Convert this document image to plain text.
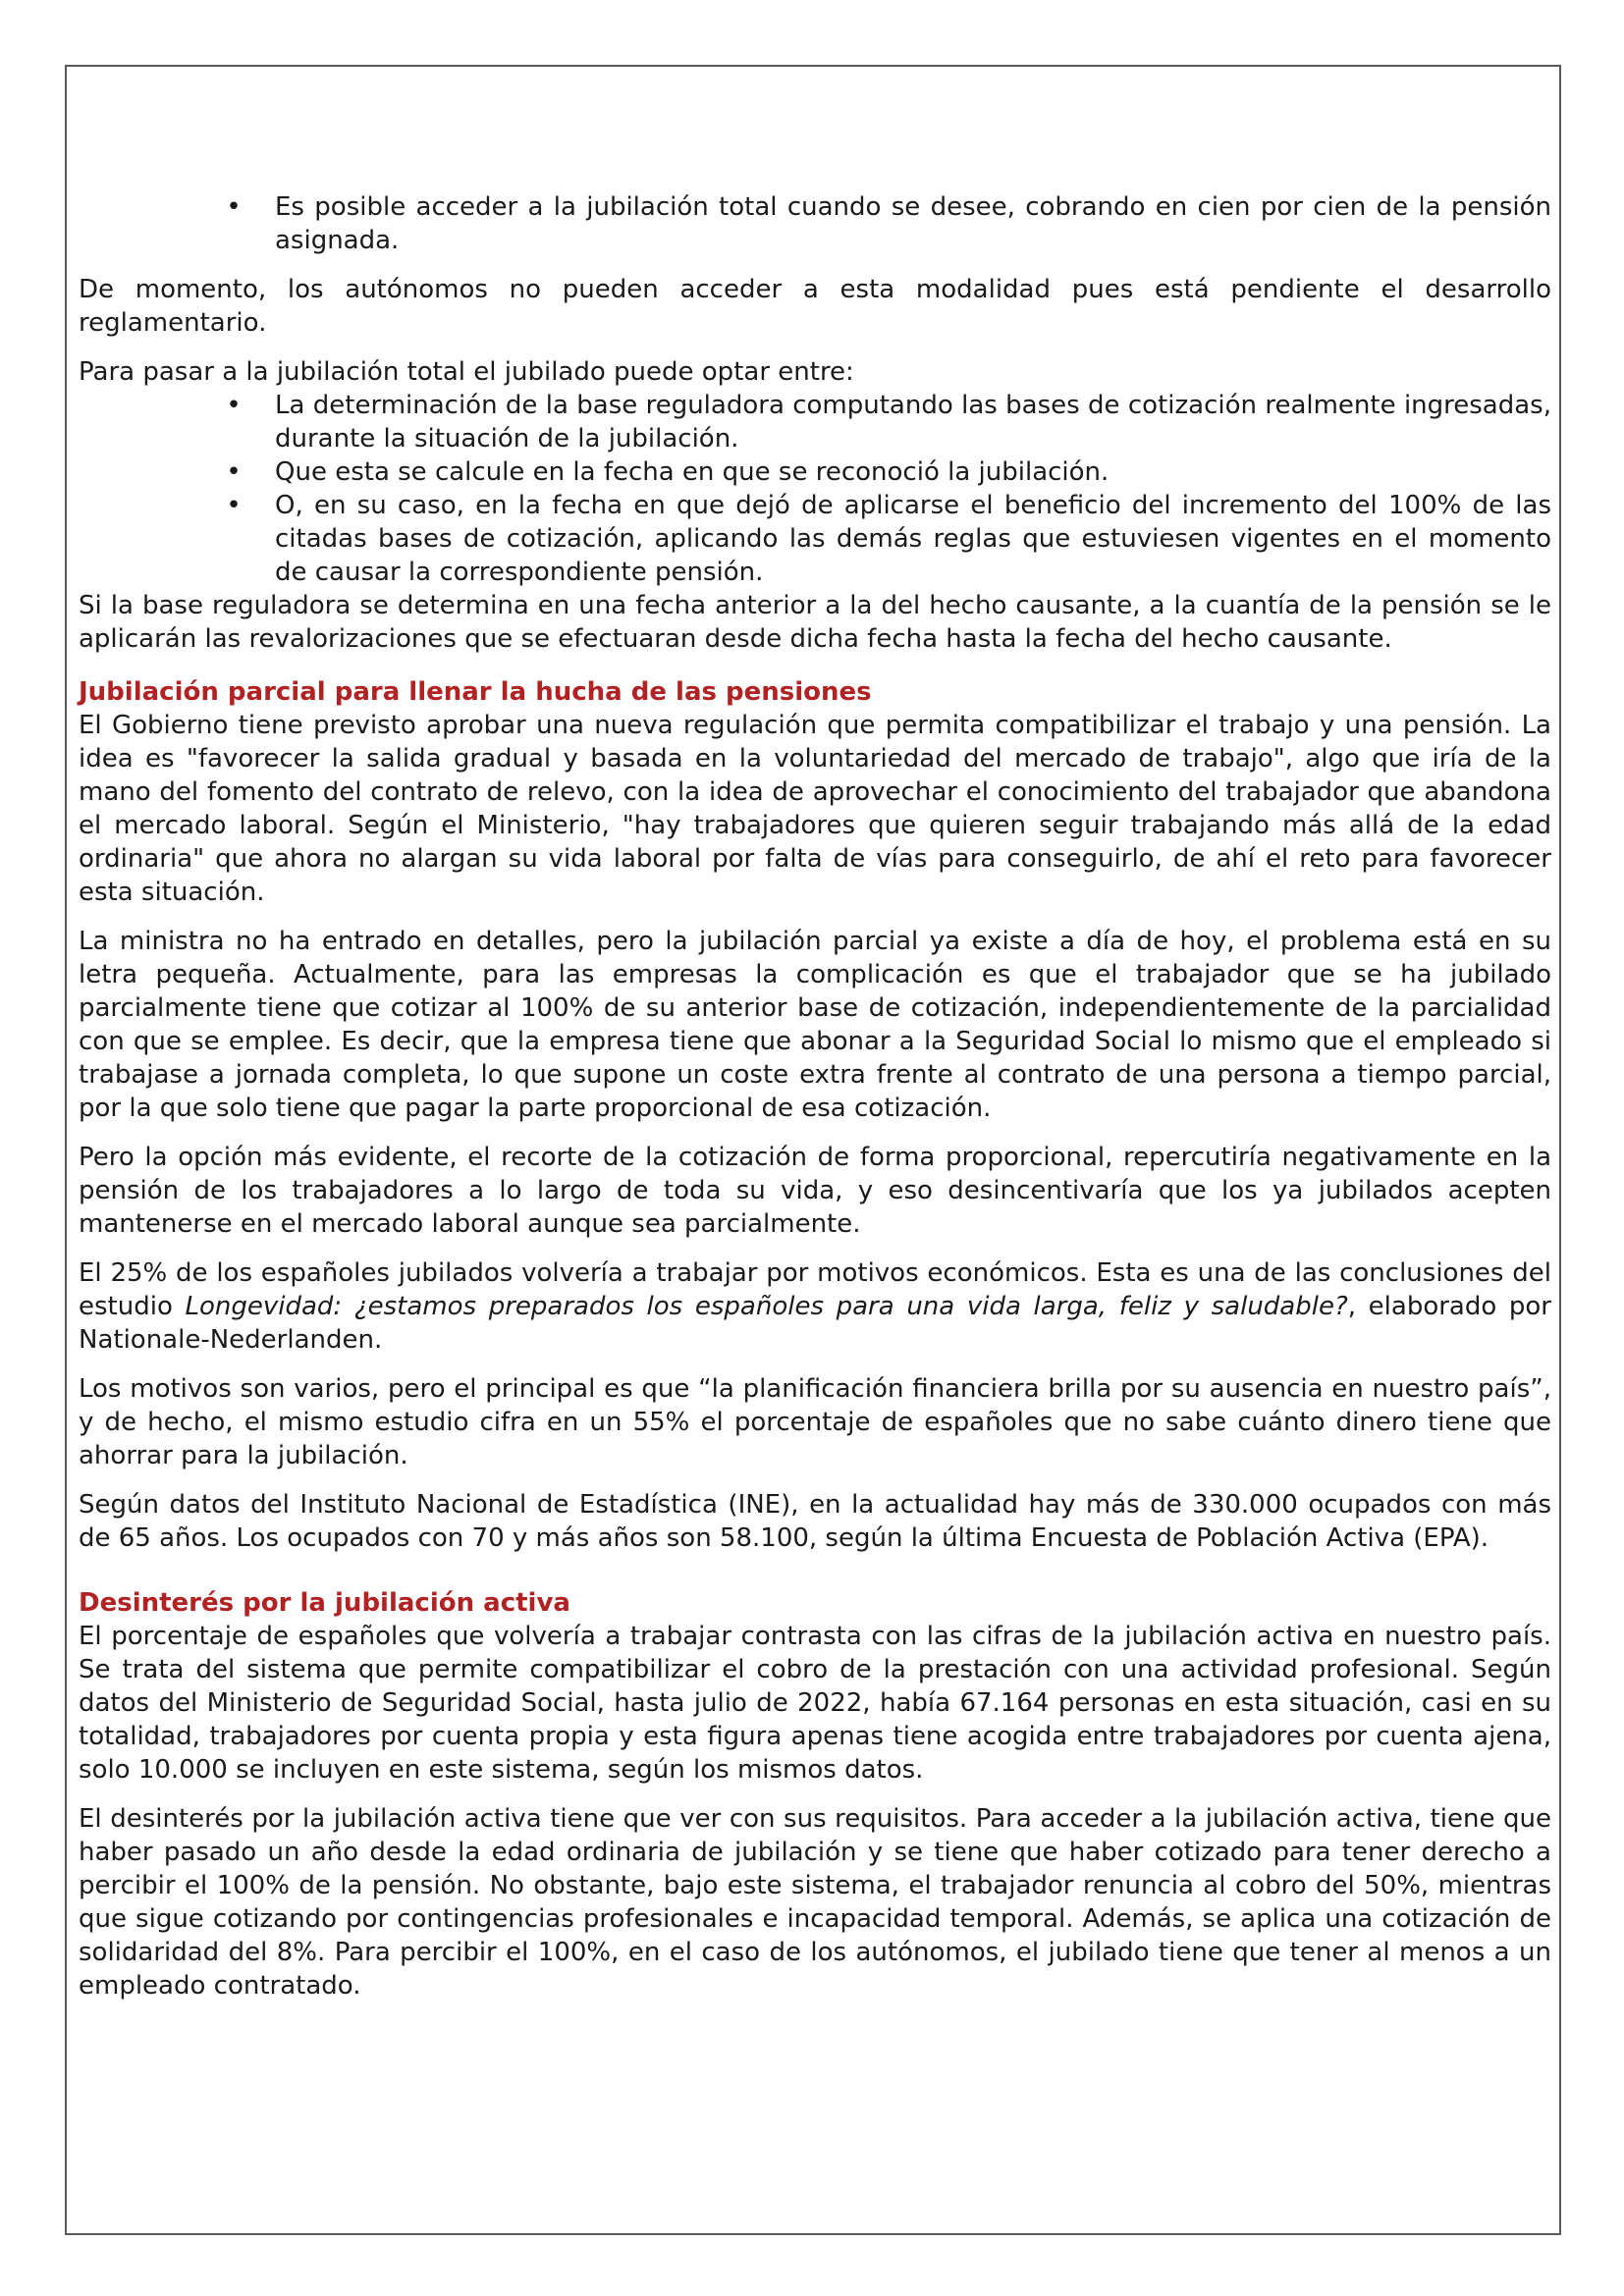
• Es posible acceder a la jubilación total cuando se desee, cobrando en cien por cien de la pensión asignada.

De momento, los autónomos no pueden acceder a esta modalidad pues está pendiente el desarrollo reglamentario.

Para pasar a la jubilación total el jubilado puede optar entre:

• La determinación de la base reguladora computando las bases de cotización realmente ingresadas, durante la situación de la jubilación.
• Que esta se calcule en la fecha en que se reconoció la jubilación.
• O, en su caso, en la fecha en que dejó de aplicarse el beneficio del incremento del 100% de las citadas bases de cotización, aplicando las demás reglas que estuviesen vigentes en el momento de causar la correspondiente pensión.

Si la base reguladora se determina en una fecha anterior a la del hecho causante, a la cuantía de la pensión se le aplicarán las revalorizaciones que se efectuaran desde dicha fecha hasta la fecha del hecho causante.

Jubilación parcial para llenar la hucha de las pensiones

El Gobierno tiene previsto aprobar una nueva regulación que permita compatibilizar el trabajo y una pensión. La idea es "favorecer la salida gradual y basada en la voluntariedad del mercado de trabajo", algo que iría de la mano del fomento del contrato de relevo, con la idea de aprovechar el conocimiento del trabajador que abandona el mercado laboral. Según el Ministerio, "hay trabajadores que quieren seguir trabajando más allá de la edad ordinaria" que ahora no alargan su vida laboral por falta de vías para conseguirlo, de ahí el reto para favorecer esta situación.

La ministra no ha entrado en detalles, pero la jubilación parcial ya existe a día de hoy, el problema está en su letra pequeña. Actualmente, para las empresas la complicación es que el trabajador que se ha jubilado parcialmente tiene que cotizar al 100% de su anterior base de cotización, independientemente de la parcialidad con que se emplee. Es decir, que la empresa tiene que abonar a la Seguridad Social lo mismo que el empleado si trabajase a jornada completa, lo que supone un coste extra frente al contrato de una persona a tiempo parcial, por la que solo tiene que pagar la parte proporcional de esa cotización.

Pero la opción más evidente, el recorte de la cotización de forma proporcional, repercutiría negativamente en la pensión de los trabajadores a lo largo de toda su vida, y eso desincentivaría que los ya jubilados acepten mantenerse en el mercado laboral aunque sea parcialmente.

El 25% de los españoles jubilados volvería a trabajar por motivos económicos. Esta es una de las conclusiones del estudio Longevidad: ¿estamos preparados los españoles para una vida larga, feliz y saludable?, elaborado por Nationale-Nederlanden.

Los motivos son varios, pero el principal es que “la planificación financiera brilla por su ausencia en nuestro país”, y de hecho, el mismo estudio cifra en un 55% el porcentaje de españoles que no sabe cuánto dinero tiene que ahorrar para la jubilación.

Según datos del Instituto Nacional de Estadística (INE), en la actualidad hay más de 330.000 ocupados con más de 65 años. Los ocupados con 70 y más años son 58.100, según la última Encuesta de Población Activa (EPA).

Desinterés por la jubilación activa

El porcentaje de españoles que volvería a trabajar contrasta con las cifras de la jubilación activa en nuestro país. Se trata del sistema que permite compatibilizar el cobro de la prestación con una actividad profesional. Según datos del Ministerio de Seguridad Social, hasta julio de 2022, había 67.164 personas en esta situación, casi en su totalidad, trabajadores por cuenta propia y esta figura apenas tiene acogida entre trabajadores por cuenta ajena, solo 10.000 se incluyen en este sistema, según los mismos datos.

El desinterés por la jubilación activa tiene que ver con sus requisitos. Para acceder a la jubilación activa, tiene que haber pasado un año desde la edad ordinaria de jubilación y se tiene que haber cotizado para tener derecho a percibir el 100% de la pensión. No obstante, bajo este sistema, el trabajador renuncia al cobro del 50%, mientras que sigue cotizando por contingencias profesionales e incapacidad temporal. Además, se aplica una cotización de solidaridad del 8%. Para percibir el 100%, en el caso de los autónomos, el jubilado tiene que tener al menos a un empleado contratado.
